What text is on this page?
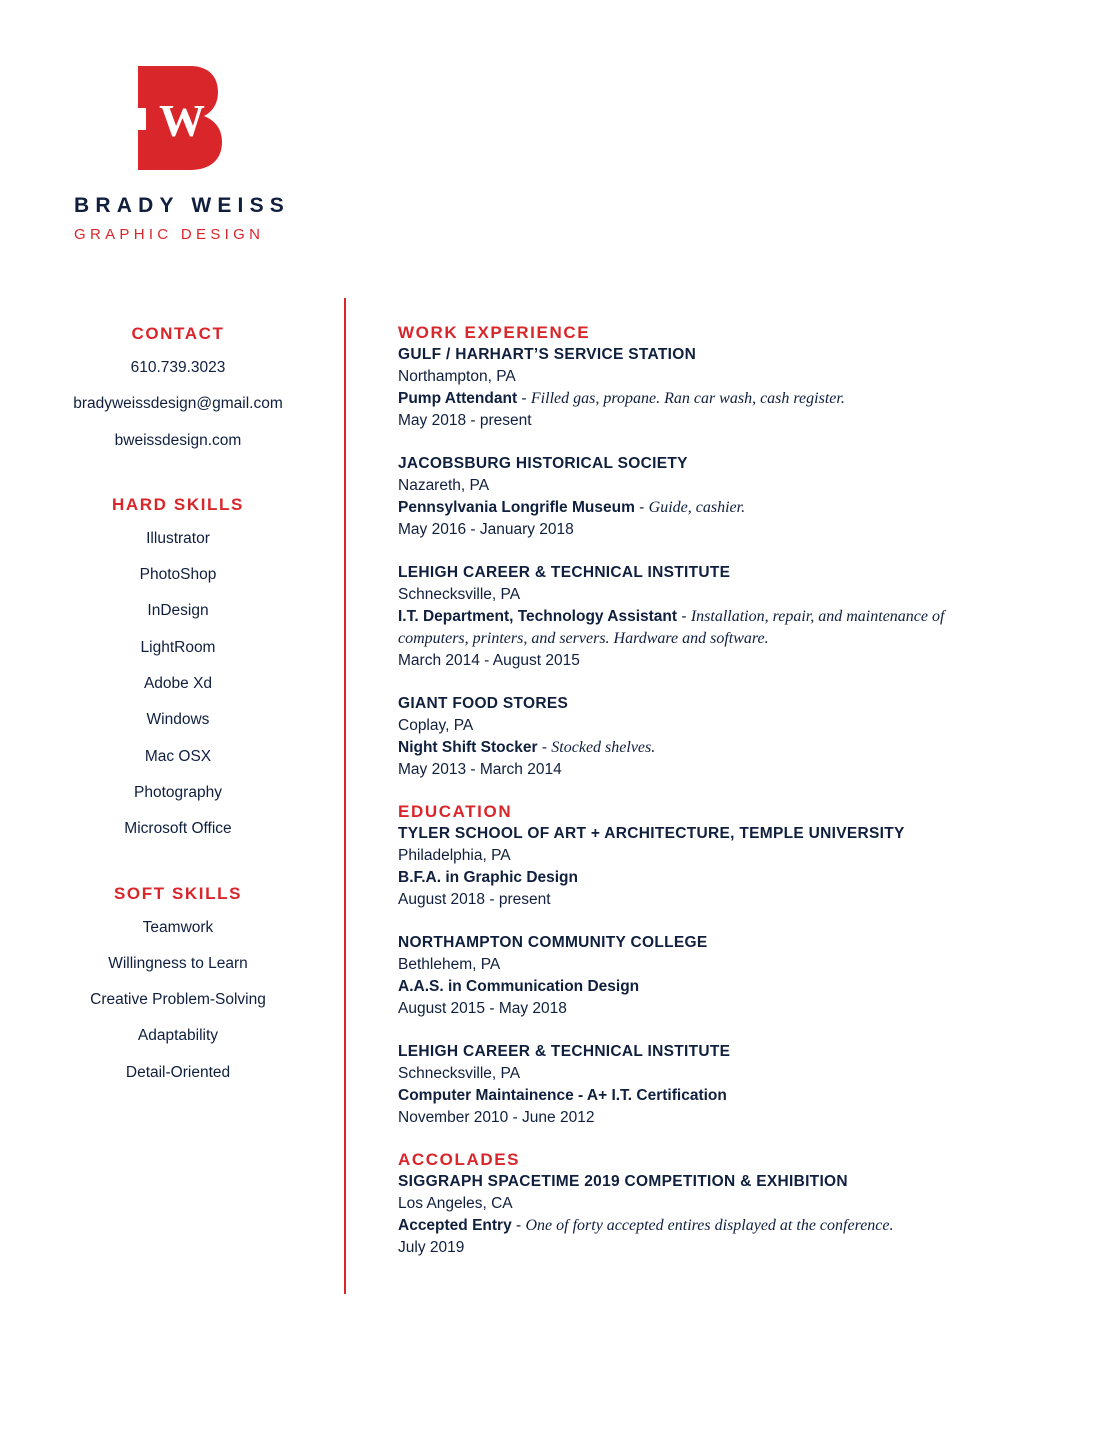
W
BRADY WEISS
GRAPHIC DESIGN
CONTACT
610.739.3023
bradyweissdesign@gmail.com
bweissdesign.com
HARD SKILLS
Illustrator
PhotoShop
InDesign
LightRoom
Adobe Xd
Windows
Mac OSX
Photography
Microsoft Office
SOFT SKILLS
Teamwork
Willingness to Learn
Creative Problem-Solving
Adaptability
Detail-Oriented
WORK EXPERIENCE
GULF / HARHART’S SERVICE STATION
Northampton, PA
Pump Attendant - Filled gas, propane. Ran car wash, cash register.
May 2018 - present
JACOBSBURG HISTORICAL SOCIETY
Nazareth, PA
Pennsylvania Longrifle Museum - Guide, cashier.
May 2016 - January 2018
LEHIGH CAREER & TECHNICAL INSTITUTE
Schnecksville, PA
I.T. Department, Technology Assistant - Installation, repair, and maintenance of computers, printers, and servers. Hardware and software.
March 2014 - August 2015
GIANT FOOD STORES
Coplay, PA
Night Shift Stocker - Stocked shelves.
May 2013 - March 2014
EDUCATION
TYLER SCHOOL OF ART + ARCHITECTURE, TEMPLE UNIVERSITY
Philadelphia, PA
B.F.A. in Graphic Design
August 2018 - present
NORTHAMPTON COMMUNITY COLLEGE
Bethlehem, PA
A.A.S. in Communication Design
August 2015 - May 2018
LEHIGH CAREER & TECHNICAL INSTITUTE
Schnecksville, PA
Computer Maintainence - A+ I.T. Certification
November 2010 - June 2012
ACCOLADES
SIGGRAPH SPACETIME 2019 COMPETITION & EXHIBITION
Los Angeles, CA
Accepted Entry - One of forty accepted entires displayed at the conference.
July 2019
